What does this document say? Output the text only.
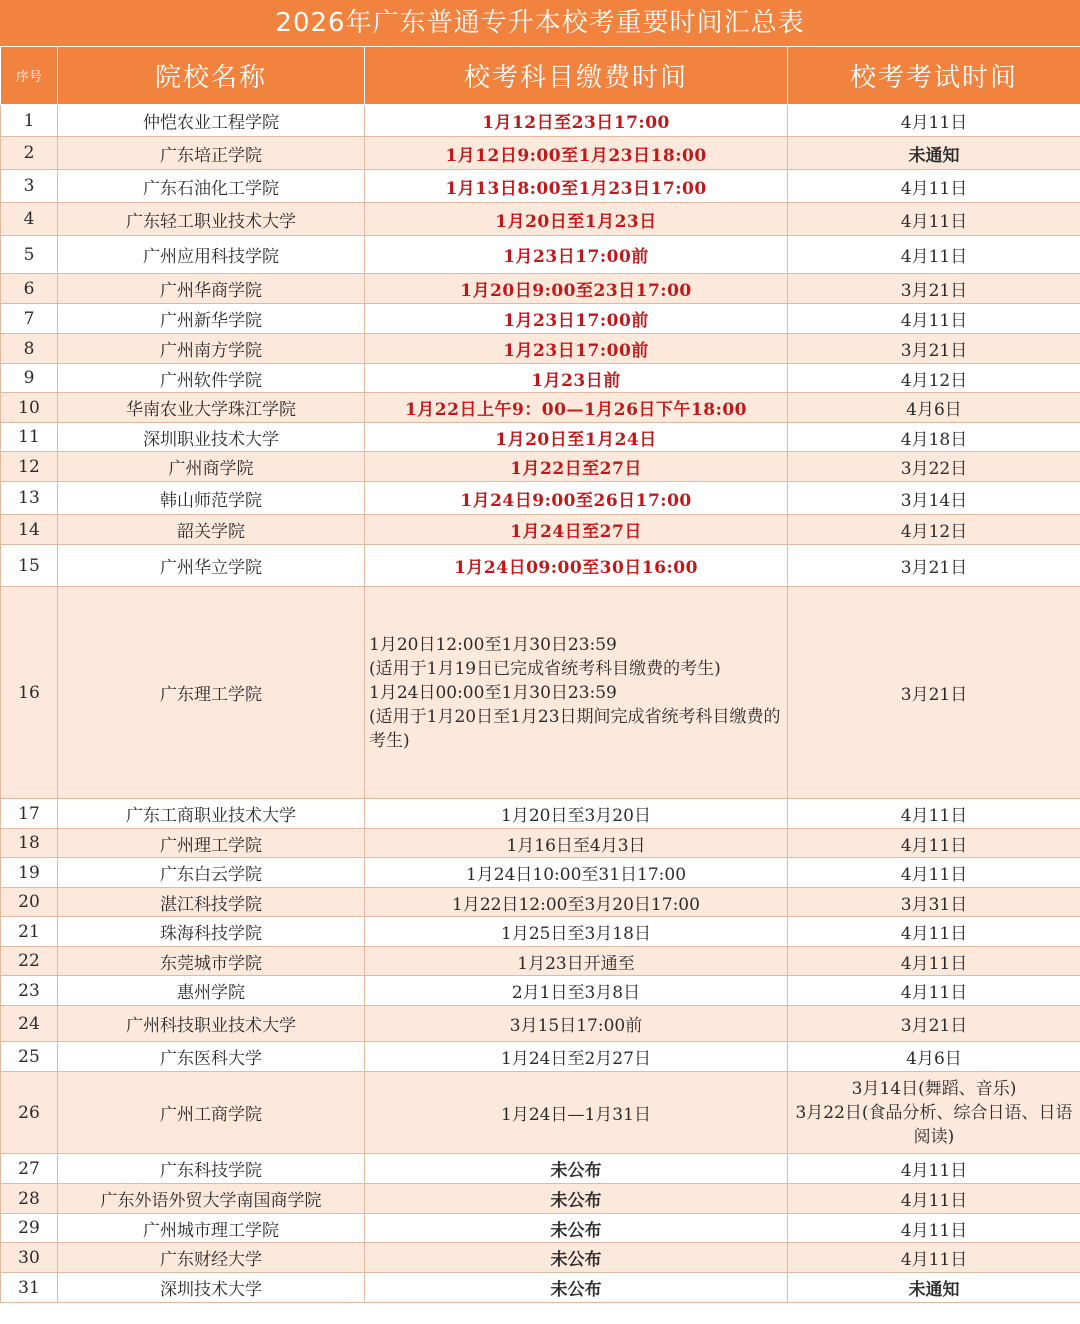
2026年广东普通专升本校考重要时间汇总表
序号	院校名称	校考科目缴费时间	校考考试时间
1	仲恺农业工程学院	1月12日至23日17:00	4月11日
2	广东培正学院	1月12日9:00至1月23日18:00	未通知
3	广东石油化工学院	1月13日8:00至1月23日17:00	4月11日
4	广东轻工职业技术大学	1月20日至1月23日	4月11日
5	广州应用科技学院	1月23日17:00前	4月11日
6	广州华商学院	1月20日9:00至23日17:00	3月21日
7	广州新华学院	1月23日17:00前	4月11日
8	广州南方学院	1月23日17:00前	3月21日
9	广州软件学院	1月23日前	4月12日
10	华南农业大学珠江学院	1月22日上午9：00—1月26日下午18:00	4月6日
11	深圳职业技术大学	1月20日至1月24日	4月18日
12	广州商学院	1月22日至27日	3月22日
13	韩山师范学院	1月24日9:00至26日17:00	3月14日
14	韶关学院	1月24日至27日	4月12日
15	广州华立学院	1月24日09:00至30日16:00	3月21日
16	广东理工学院	1月20日12:00至1月30日23:59
(适用于1月19日已完成省统考科目缴费的考生)
1月24日00:00至1月30日23:59
(适用于1月20日至1月23日期间完成省统考科目缴费的考生)	3月21日
17	广东工商职业技术大学	1月20日至3月20日	4月11日
18	广州理工学院	1月16日至4月3日	4月11日
19	广东白云学院	1月24日10:00至31日17:00	4月11日
20	湛江科技学院	1月22日12:00至3月20日17:00	3月31日
21	珠海科技学院	1月25日至3月18日	4月11日
22	东莞城市学院	1月23日开通至	4月11日
23	惠州学院	2月1日至3月8日	4月11日
24	广州科技职业技术大学	3月15日17:00前	3月21日
25	广东医科大学	1月24日至2月27日	4月6日
26	广州工商学院	1月24日—1月31日	3月14日(舞蹈、音乐)
3月22日(食品分析、综合日语、日语阅读)
27	广东科技学院	未公布	4月11日
28	广东外语外贸大学南国商学院	未公布	4月11日
29	广州城市理工学院	未公布	4月11日
30	广东财经大学	未公布	4月11日
31	深圳技术大学	未公布	未通知
